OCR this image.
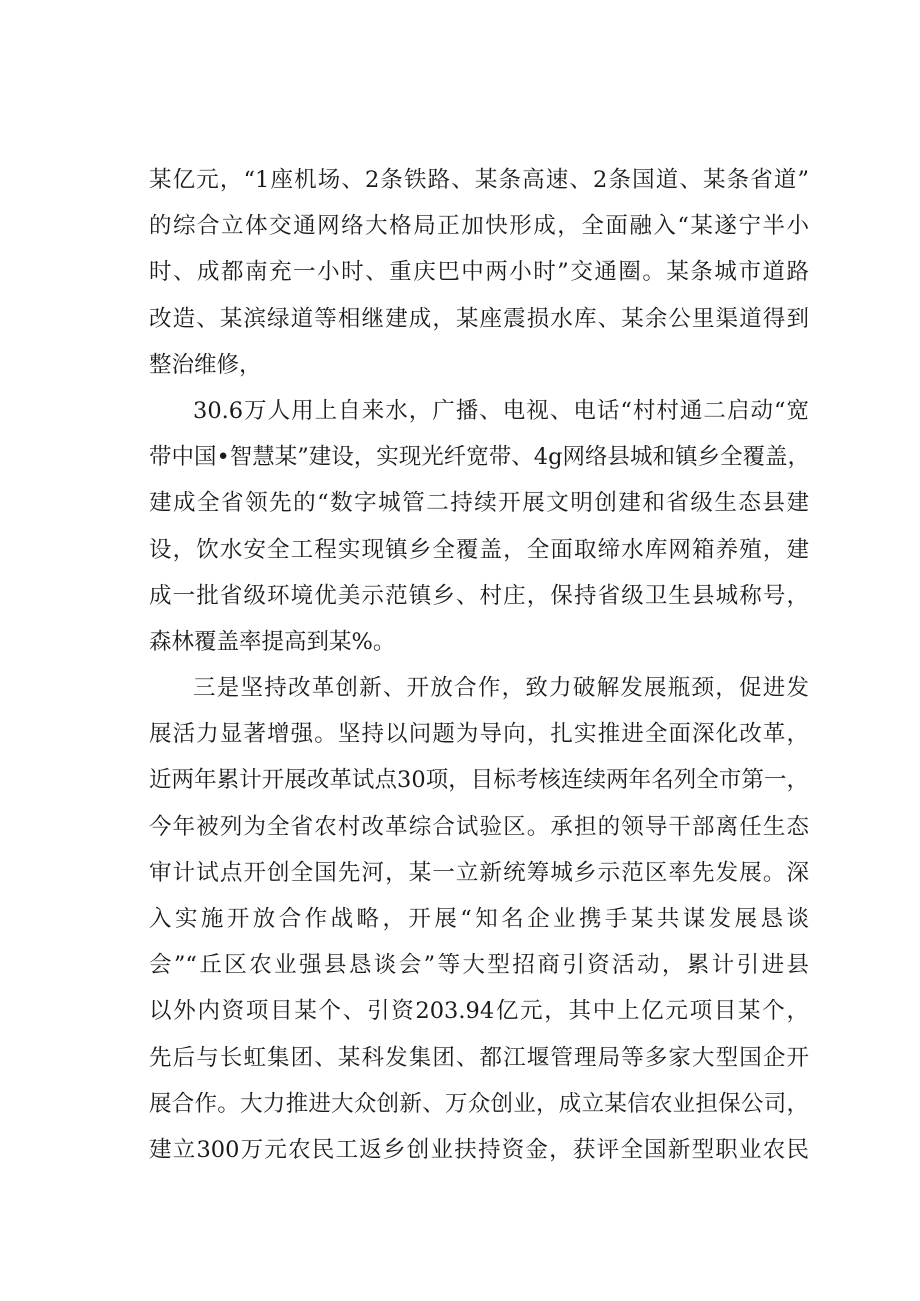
某亿元，“1座机场、2条铁路、某条高速、2条国道、某条省道”
的综合立体交通网络大格局正加快形成，全面融入“某遂宁半小
时、成都南充一小时、重庆巴中两小时”交通圈。某条城市道路
改造、某滨绿道等相继建成，某座震损水库、某余公里渠道得到
整治维修，

30.6万人用上自来水，广播、电视、电话“村村通二启动“宽
带中国•智慧某”建设，实现光纤宽带、4g网络县城和镇乡全覆盖，
建成全省领先的“数字城管二持续开展文明创建和省级生态县建
设，饮水安全工程实现镇乡全覆盖，全面取缔水库网箱养殖，建
成一批省级环境优美示范镇乡、村庄，保持省级卫生县城称号，
森林覆盖率提高到某%。

三是坚持改革创新、开放合作，致力破解发展瓶颈，促进发
展活力显著增强。坚持以问题为导向，扎实推进全面深化改革，
近两年累计开展改革试点30项，目标考核连续两年名列全市第一，
今年被列为全省农村改革综合试验区。承担的领导干部离任生态
审计试点开创全国先河，某一立新统筹城乡示范区率先发展。深
入实施开放合作战略，开展“知名企业携手某共谋发展恳谈
会”“丘区农业强县恳谈会”等大型招商引资活动，累计引进县
以外内资项目某个、引资203.94亿元，其中上亿元项目某个，
先后与长虹集团、某科发集团、都江堰管理局等多家大型国企开
展合作。大力推进大众创新、万众创业，成立某信农业担保公司，
建立300万元农民工返乡创业扶持资金，获评全国新型职业农民
